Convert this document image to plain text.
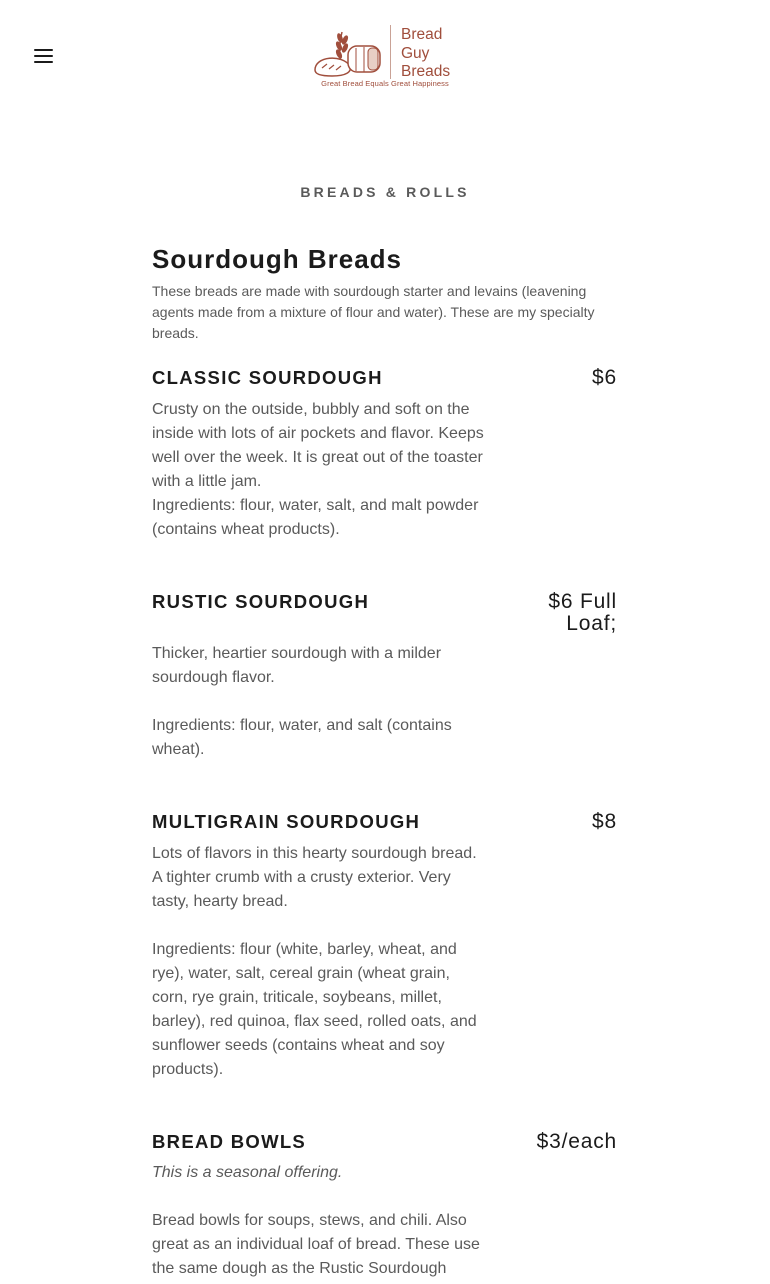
Bread
Guy
Breads
Great Bread Equals Great Happiness
BREADS & ROLLS
Sourdough Breads

These breads are made with sourdough starter and levains (leavening agents made from a mixture of flour and water). These are my specialty breads.

CLASSIC SOURDOUGH	$6

Crusty on the outside, bubbly and soft on the inside with lots of air pockets and flavor. Keeps well over the week. It is great out of the toaster with a little jam.

Ingredients: flour, water, salt, and malt powder (contains wheat products).

RUSTIC SOURDOUGH	$6 Full Loaf;

Thicker, heartier sourdough with a milder sourdough flavor.

Ingredients: flour, water, and salt (contains wheat).

MULTIGRAIN SOURDOUGH	$8

Lots of flavors in this hearty sourdough bread. A tighter crumb with a crusty exterior. Very tasty, hearty bread.

Ingredients: flour (white, barley, wheat, and rye), water, salt, cereal grain (wheat grain, corn, rye grain, triticale, soybeans, millet, barley), red quinoa, flax seed, rolled oats, and sunflower seeds (contains wheat and soy products).

BREAD BOWLS	$3/each

This is a seasonal offering.

Bread bowls for soups, stews, and chili. Also great as an individual loaf of bread. These use the same dough as the Rustic Sourdough
